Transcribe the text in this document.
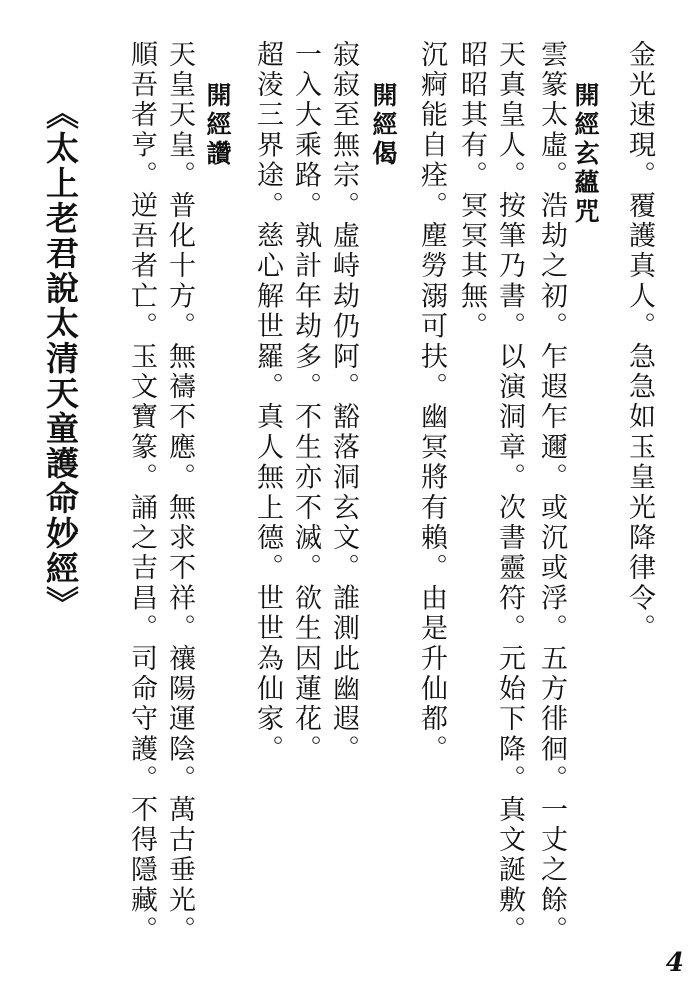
金光速現。覆護真人。急急如玉皇光降律令。
開經玄蘊咒
雲篆太虛。浩劫之初。乍遐乍邇。或沉或浮。五方徘徊。一丈之餘。
天真皇人。按筆乃書。以演洞章。次書靈符。元始下降。真文誕敷。
昭昭其有。冥冥其無。
沉痾能自痊。塵勞溺可扶。幽冥將有賴。由是升仙都。
開經偈
寂寂至無宗。虛峙劫仍阿。豁落洞玄文。誰測此幽遐。
一入大乘路。孰計年劫多。不生亦不滅。欲生因蓮花。
超淩三界途。慈心解世羅。真人無上德。世世為仙家。
開經讚
天皇天皇。普化十方。無禱不應。無求不祥。禳陽運陰。萬古垂光。
順吾者亨。逆吾者亡。玉文寶篆。誦之吉昌。司命守護。不得隱藏。
《太上老君說太清天童護命妙經》
4
